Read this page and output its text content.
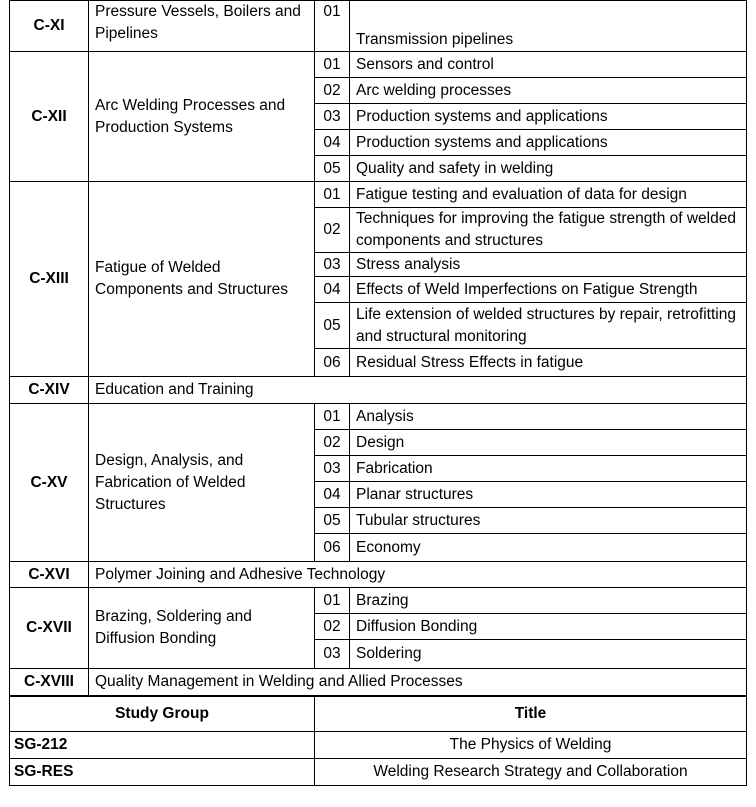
C-XI	Pressure Vessels, Boilers and Pipelines	01	Transmission pipelines
C-XII	Arc Welding Processes and Production Systems	01	Sensors and control
		02	Arc welding processes
		03	Production systems and applications
		04	Production systems and applications
		05	Quality and safety in welding
C-XIII	Fatigue of Welded Components and Structures	01	Fatigue testing and evaluation of data for design
		02	Techniques for improving the fatigue strength of welded components and structures
		03	Stress analysis
		04	Effects of Weld Imperfections on Fatigue Strength
		05	Life extension of welded structures by repair, retrofitting and structural monitoring
		06	Residual Stress Effects in fatigue
C-XIV	Education and Training		
C-XV	Design, Analysis, and Fabrication of Welded Structures	01	Analysis
		02	Design
		03	Fabrication
		04	Planar structures
		05	Tubular structures
		06	Economy
C-XVI	Polymer Joining and Adhesive Technology		
C-XVII	Brazing, Soldering and Diffusion Bonding	01	Brazing
		02	Diffusion Bonding
		03	Soldering
C-XVIII	Quality Management in Welding and Allied Processes		
Study Group	Title
SG-212	The Physics of Welding
SG-RES	Welding Research Strategy and Collaboration
